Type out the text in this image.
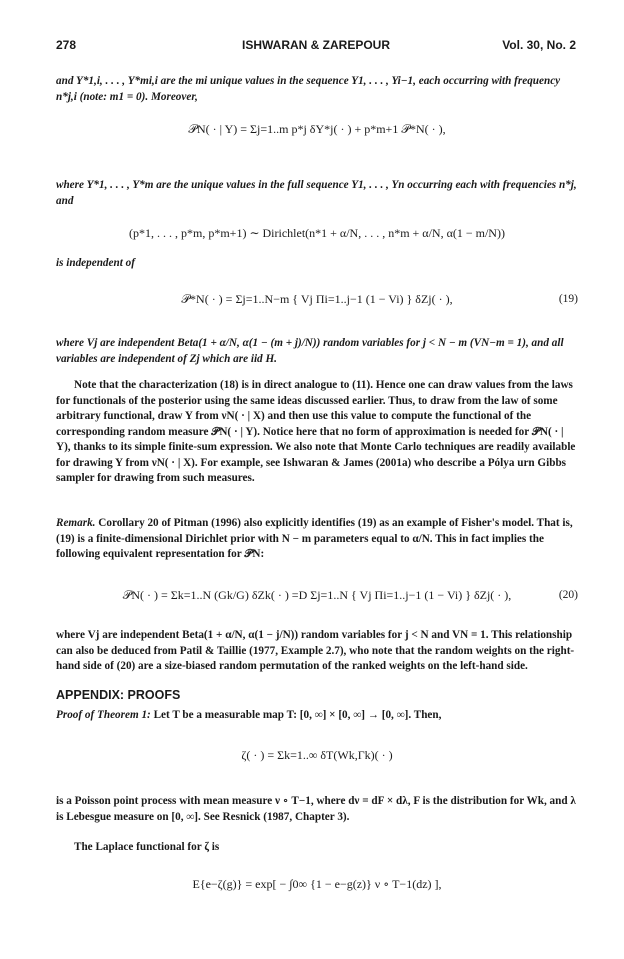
278	ISHWARAN & ZAREPOUR	Vol. 30, No. 2

and Y*1,i, . . . , Y*mi,i are the mi unique values in the sequence Y1, . . . , Yi−1, each occurring with frequency n*j,i (note: m1 = 0). Moreover,

𝒫N( · | Y) = Σj=1..m p*j δY*j( · ) + p*m+1 𝒫*N( · ),

where Y*1, . . . , Y*m are the unique values in the full sequence Y1, . . . , Yn occurring each with frequencies n*j, and

(p*1, . . . , p*m, p*m+1) ∼ Dirichlet(n*1 + α/N, . . . , n*m + α/N, α(1 − m/N))

is independent of

𝒫*N( · ) = Σj=1..N−m { Vj Πi=1..j−1 (1 − Vi) } δZj( · ),	(19)

where Vj are independent Beta(1 + α/N, α(1 − (m + j)/N)) random variables for j < N − m (VN−m = 1), and all variables are independent of Zj which are iid H.

Note that the characterization (18) is in direct analogue to (11). Hence one can draw values from the laws for functionals of the posterior using the same ideas discussed earlier. Thus, to draw from the law of some arbitrary functional, draw Y from νN( · | X) and then use this value to compute the functional of the corresponding random measure 𝒫N( · | Y). Notice here that no form of approximation is needed for 𝒫N( · | Y), thanks to its simple finite-sum expression. We also note that Monte Carlo techniques are readily available for drawing Y from νN( · | X). For example, see Ishwaran & James (2001a) who describe a Pólya urn Gibbs sampler for drawing from such measures.

Remark. Corollary 20 of Pitman (1996) also explicitly identifies (19) as an example of Fisher's model. That is, (19) is a finite-dimensional Dirichlet prior with N − m parameters equal to α/N. This in fact implies the following equivalent representation for 𝒫N:

𝒫N( · ) = Σk=1..N (Gk/G) δZk( · ) =D Σj=1..N { Vj Πi=1..j−1 (1 − Vi) } δZj( · ),	(20)

where Vj are independent Beta(1 + α/N, α(1 − j/N)) random variables for j < N and VN = 1. This relationship can also be deduced from Patil & Taillie (1977, Example 2.7), who note that the random weights on the right-hand side of (20) are a size-biased random permutation of the ranked weights on the left-hand side.

APPENDIX: PROOFS

Proof of Theorem 1: Let T be a measurable map T: [0, ∞] × [0, ∞] → [0, ∞]. Then,

ζ( · ) = Σk=1..∞ δT(Wk,Γk)( · )

is a Poisson point process with mean measure ν ∘ T−1, where dν = dF × dλ, F is the distribution for Wk, and λ is Lebesgue measure on [0, ∞]. See Resnick (1987, Chapter 3).

The Laplace functional for ζ is

E{e−ζ(g)} = exp[ − ∫0∞ {1 − e−g(z)} ν ∘ T−1(dz) ],
